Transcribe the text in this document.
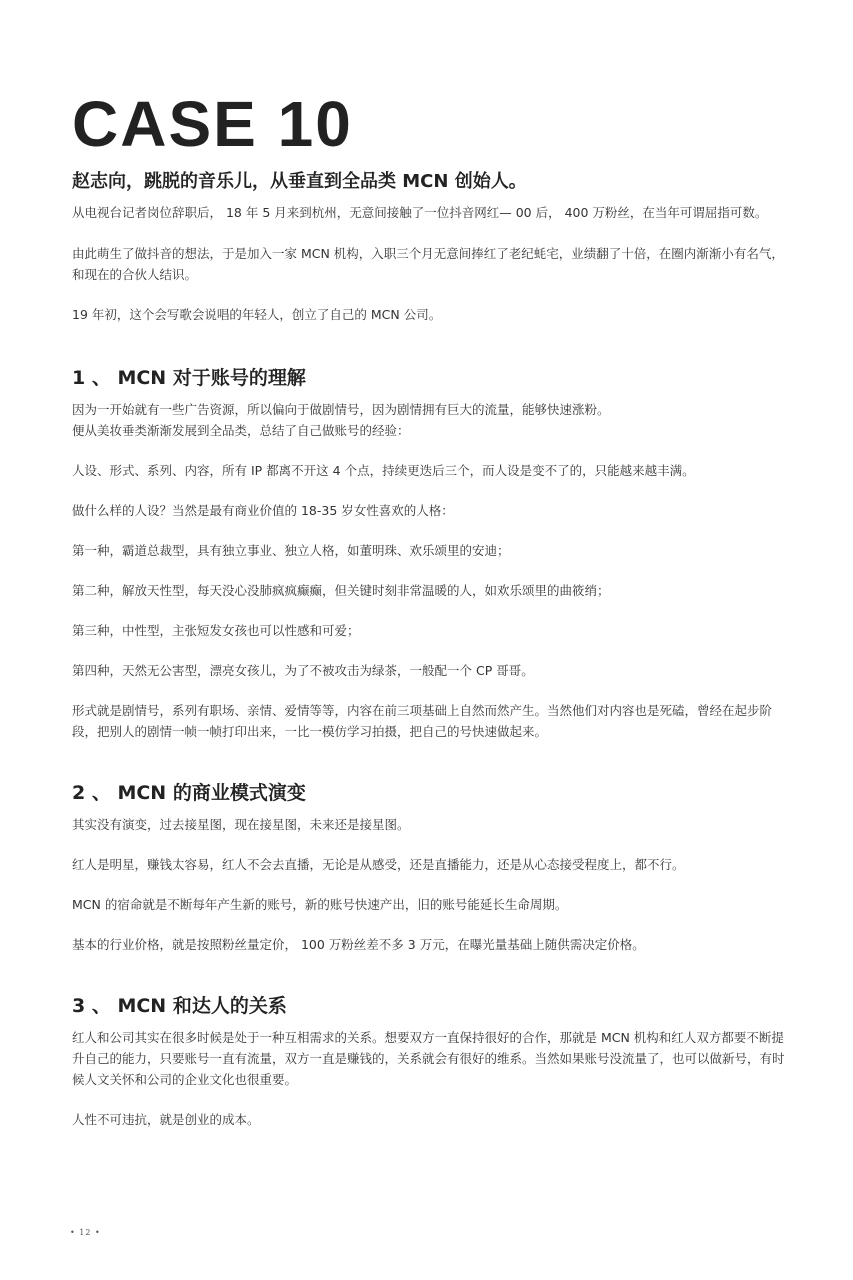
CASE 10
赵志向，跳脱的音乐儿，从垂直到全品类 MCN 创始人。

从电视台记者岗位辞职后， 18 年 5 月来到杭州，无意间接触了一位抖音网红— 00 后， 400 万粉丝，在当年可谓屈指可数。

由此萌生了做抖音的想法，于是加入一家 MCN 机构，入职三个月无意间捧红了老纪蚝宅，业绩翻了十倍，在圈内渐渐小有名气，和现在的合伙人结识。

19 年初，这个会写歌会说唱的年轻人，创立了自己的 MCN 公司。

1 、 MCN 对于账号的理解

因为一开始就有一些广告资源，所以偏向于做剧情号，因为剧情拥有巨大的流量，能够快速涨粉。

便从美妆垂类渐渐发展到全品类，总结了自己做账号的经验：

人设、形式、系列、内容，所有 IP 都离不开这 4 个点，持续更迭后三个，而人设是变不了的，只能越来越丰满。

做什么样的人设？当然是最有商业价值的 18-35 岁女性喜欢的人格：

第一种，霸道总裁型，具有独立事业、独立人格，如董明珠、欢乐颂里的安迪；

第二种，解放天性型，每天没心没肺疯疯癫癫，但关键时刻非常温暖的人，如欢乐颂里的曲筱绡；

第三种，中性型，主张短发女孩也可以性感和可爱；

第四种，天然无公害型，漂亮女孩儿，为了不被攻击为绿茶，一般配一个 CP 哥哥。

形式就是剧情号，系列有职场、亲情、爱情等等，内容在前三项基础上自然而然产生。当然他们对内容也是死磕，曾经在起步阶段，把别人的剧情一帧一帧打印出来，一比一模仿学习拍摄，把自己的号快速做起来。

2 、 MCN 的商业模式演变

其实没有演变，过去接星图，现在接星图，未来还是接星图。

红人是明星，赚钱太容易，红人不会去直播，无论是从感受，还是直播能力，还是从心态接受程度上，都不行。

MCN 的宿命就是不断每年产生新的账号，新的账号快速产出，旧的账号能延长生命周期。

基本的行业价格，就是按照粉丝量定价， 100 万粉丝差不多 3 万元，在曝光量基础上随供需决定价格。

3 、 MCN 和达人的关系

红人和公司其实在很多时候是处于一种互相需求的关系。想要双方一直保持很好的合作，那就是 MCN 机构和红人双方都要不断提升自己的能力，只要账号一直有流量，双方一直是赚钱的，关系就会有很好的维系。当然如果账号没流量了，也可以做新号，有时候人文关怀和公司的企业文化也很重要。

人性不可违抗，就是创业的成本。

• 12 •
